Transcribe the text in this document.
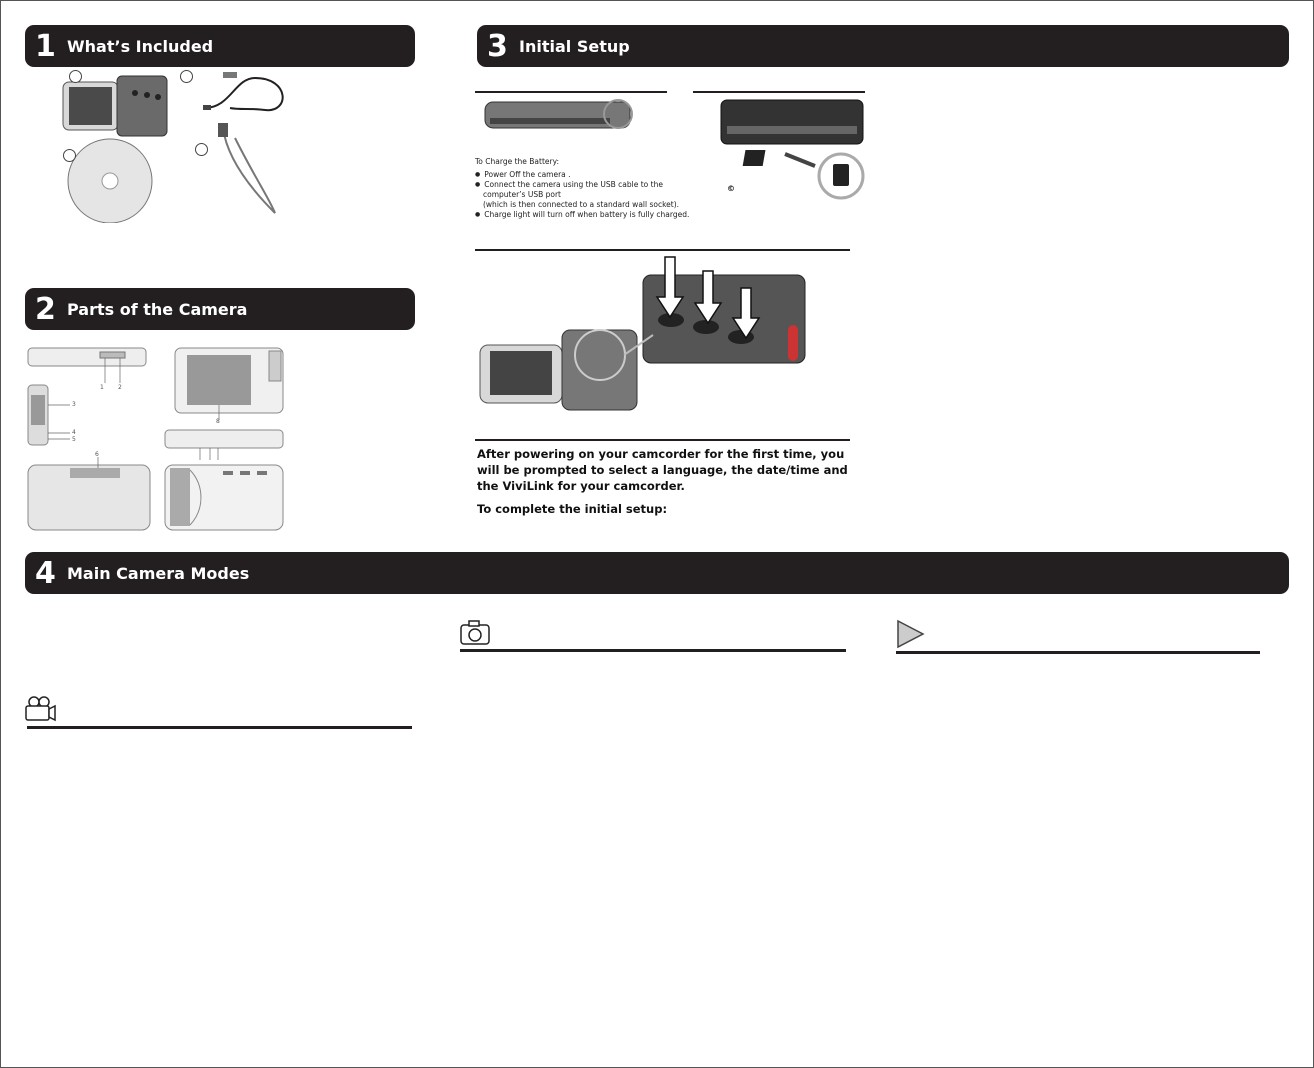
1 What’s Included
2 Parts of the Camera
1 2
3
4
5
6
8
3 Initial Setup
To Charge the Battery:
● Power Off the camera .
● Connect the camera using the USB cable to the
computer’s USB port
(which is then connected to a standard wall socket).
● Charge light will turn off when battery is fully charged.
©
After powering on your camcorder for the first time, you will be prompted to select a language, the date/time and the ViviLink for your camcorder.
To complete the initial setup:
4 Main Camera Modes
